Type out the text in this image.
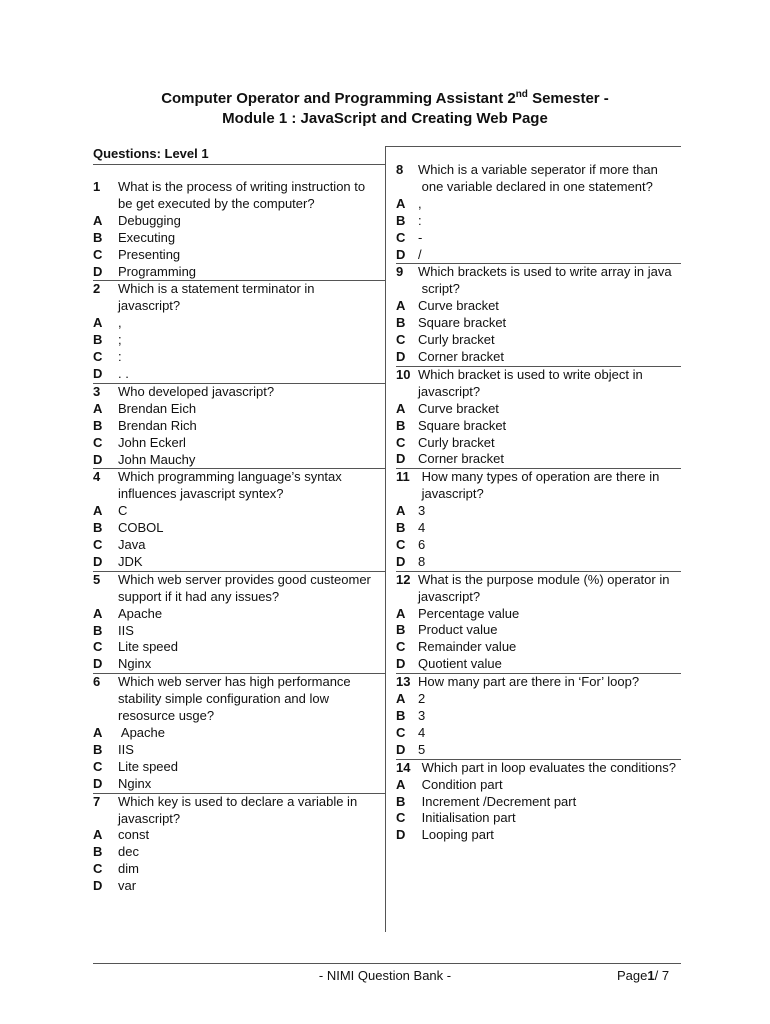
Computer Operator and Programming Assistant 2nd Semester -
Module 1 : JavaScript and Creating Web Page
Questions: Level 1
1	What is the process of writing instruction to
be get executed by the computer?
A	Debugging
B	Executing
C	Presenting
D	Programming
2	Which is a statement terminator in
javascript?
A	,
B	;
C	:
D	. .
3	Who developed javascript?
A	Brendan Eich
B	Brendan Rich
C	John Eckerl
D	John Mauchy
4	Which programming language’s syntax
influences javascript syntex?
A	C
B	COBOL
C	Java
D	JDK
5	Which web server provides good custeomer
support if it had any issues?
A	Apache
B	IIS
C	Lite speed
D	Nginx
6	Which web server has high performance
stability simple configuration and low
resosurce usge?
A	Apache
B	IIS
C	Lite speed
D	Nginx
7	Which key is used to declare a variable in
javascript?
A	const
B	dec
C	dim
D	var
8	Which is a variable seperator if more than
one variable declared in one statement?
A ,
B :
C -
D /
9	Which brackets is used to write array in java
script?
A Curve bracket
B Square bracket
C Curly bracket
D Corner bracket
10 Which bracket is used to write object in
javascript?
A Curve bracket
B Square bracket
C Curly bracket
D Corner bracket
11 How many types of operation are there in
javascript?
A 3
B 4
C 6
D 8
12 What is the purpose module (%) operator in
javascript?
A Percentage value
B Product value
C Remainder value
D Quotient value
13 How many part are there in ‘For’ loop?
A 2
B 3
C 4
D 5
14 Which part in loop evaluates the conditions?
A Condition part
B Increment /Decrement part
C Initialisation part
D Looping part
- NIMI Question Bank -	Page1/ 7
